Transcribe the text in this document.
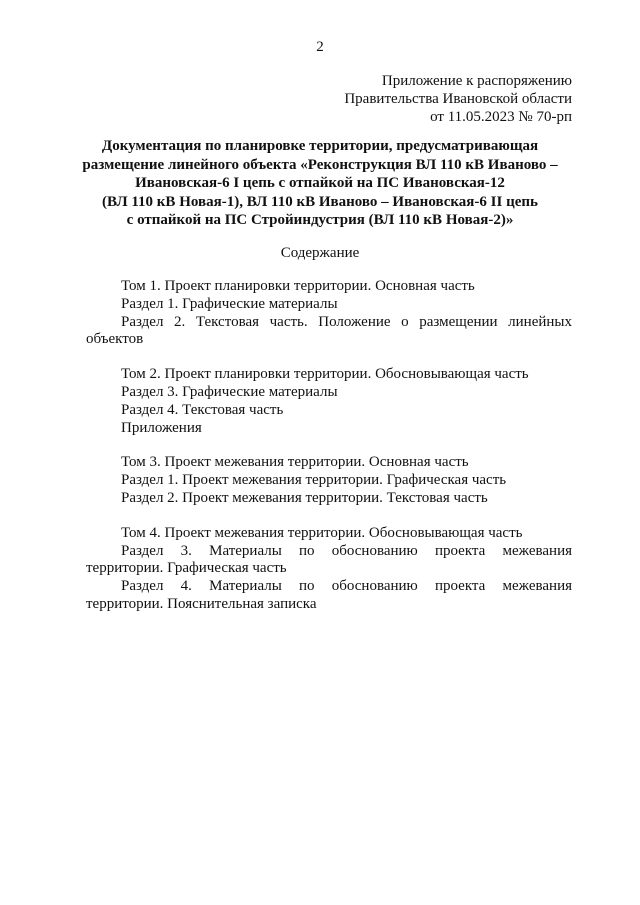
2
Приложение к распоряжению
Правительства Ивановской области
от 11.05.2023 № 70-рп
Документация по планировке территории, предусматривающая
размещение линейного объекта «Реконструкция ВЛ 110 кВ Иваново –
Ивановская-6 I цепь с отпайкой на ПС Ивановская-12
(ВЛ 110 кВ Новая-1), ВЛ 110 кВ Иваново – Ивановская-6 II цепь
с отпайкой на ПС Стройиндустрия (ВЛ 110 кВ Новая-2)»
Содержание
Том 1. Проект планировки территории. Основная часть
Раздел 1. Графические материалы
Раздел 2. Текстовая часть. Положение о размещении линейных объектов
Том 2. Проект планировки территории. Обосновывающая часть
Раздел 3. Графические материалы
Раздел 4. Текстовая часть
Приложения
Том 3. Проект межевания территории. Основная часть
Раздел 1. Проект межевания территории. Графическая часть
Раздел 2. Проект межевания территории. Текстовая часть
Том 4. Проект межевания территории. Обосновывающая часть
Раздел 3. Материалы по обоснованию проекта межевания территории. Графическая часть
Раздел 4. Материалы по обоснованию проекта межевания территории. Пояснительная записка
